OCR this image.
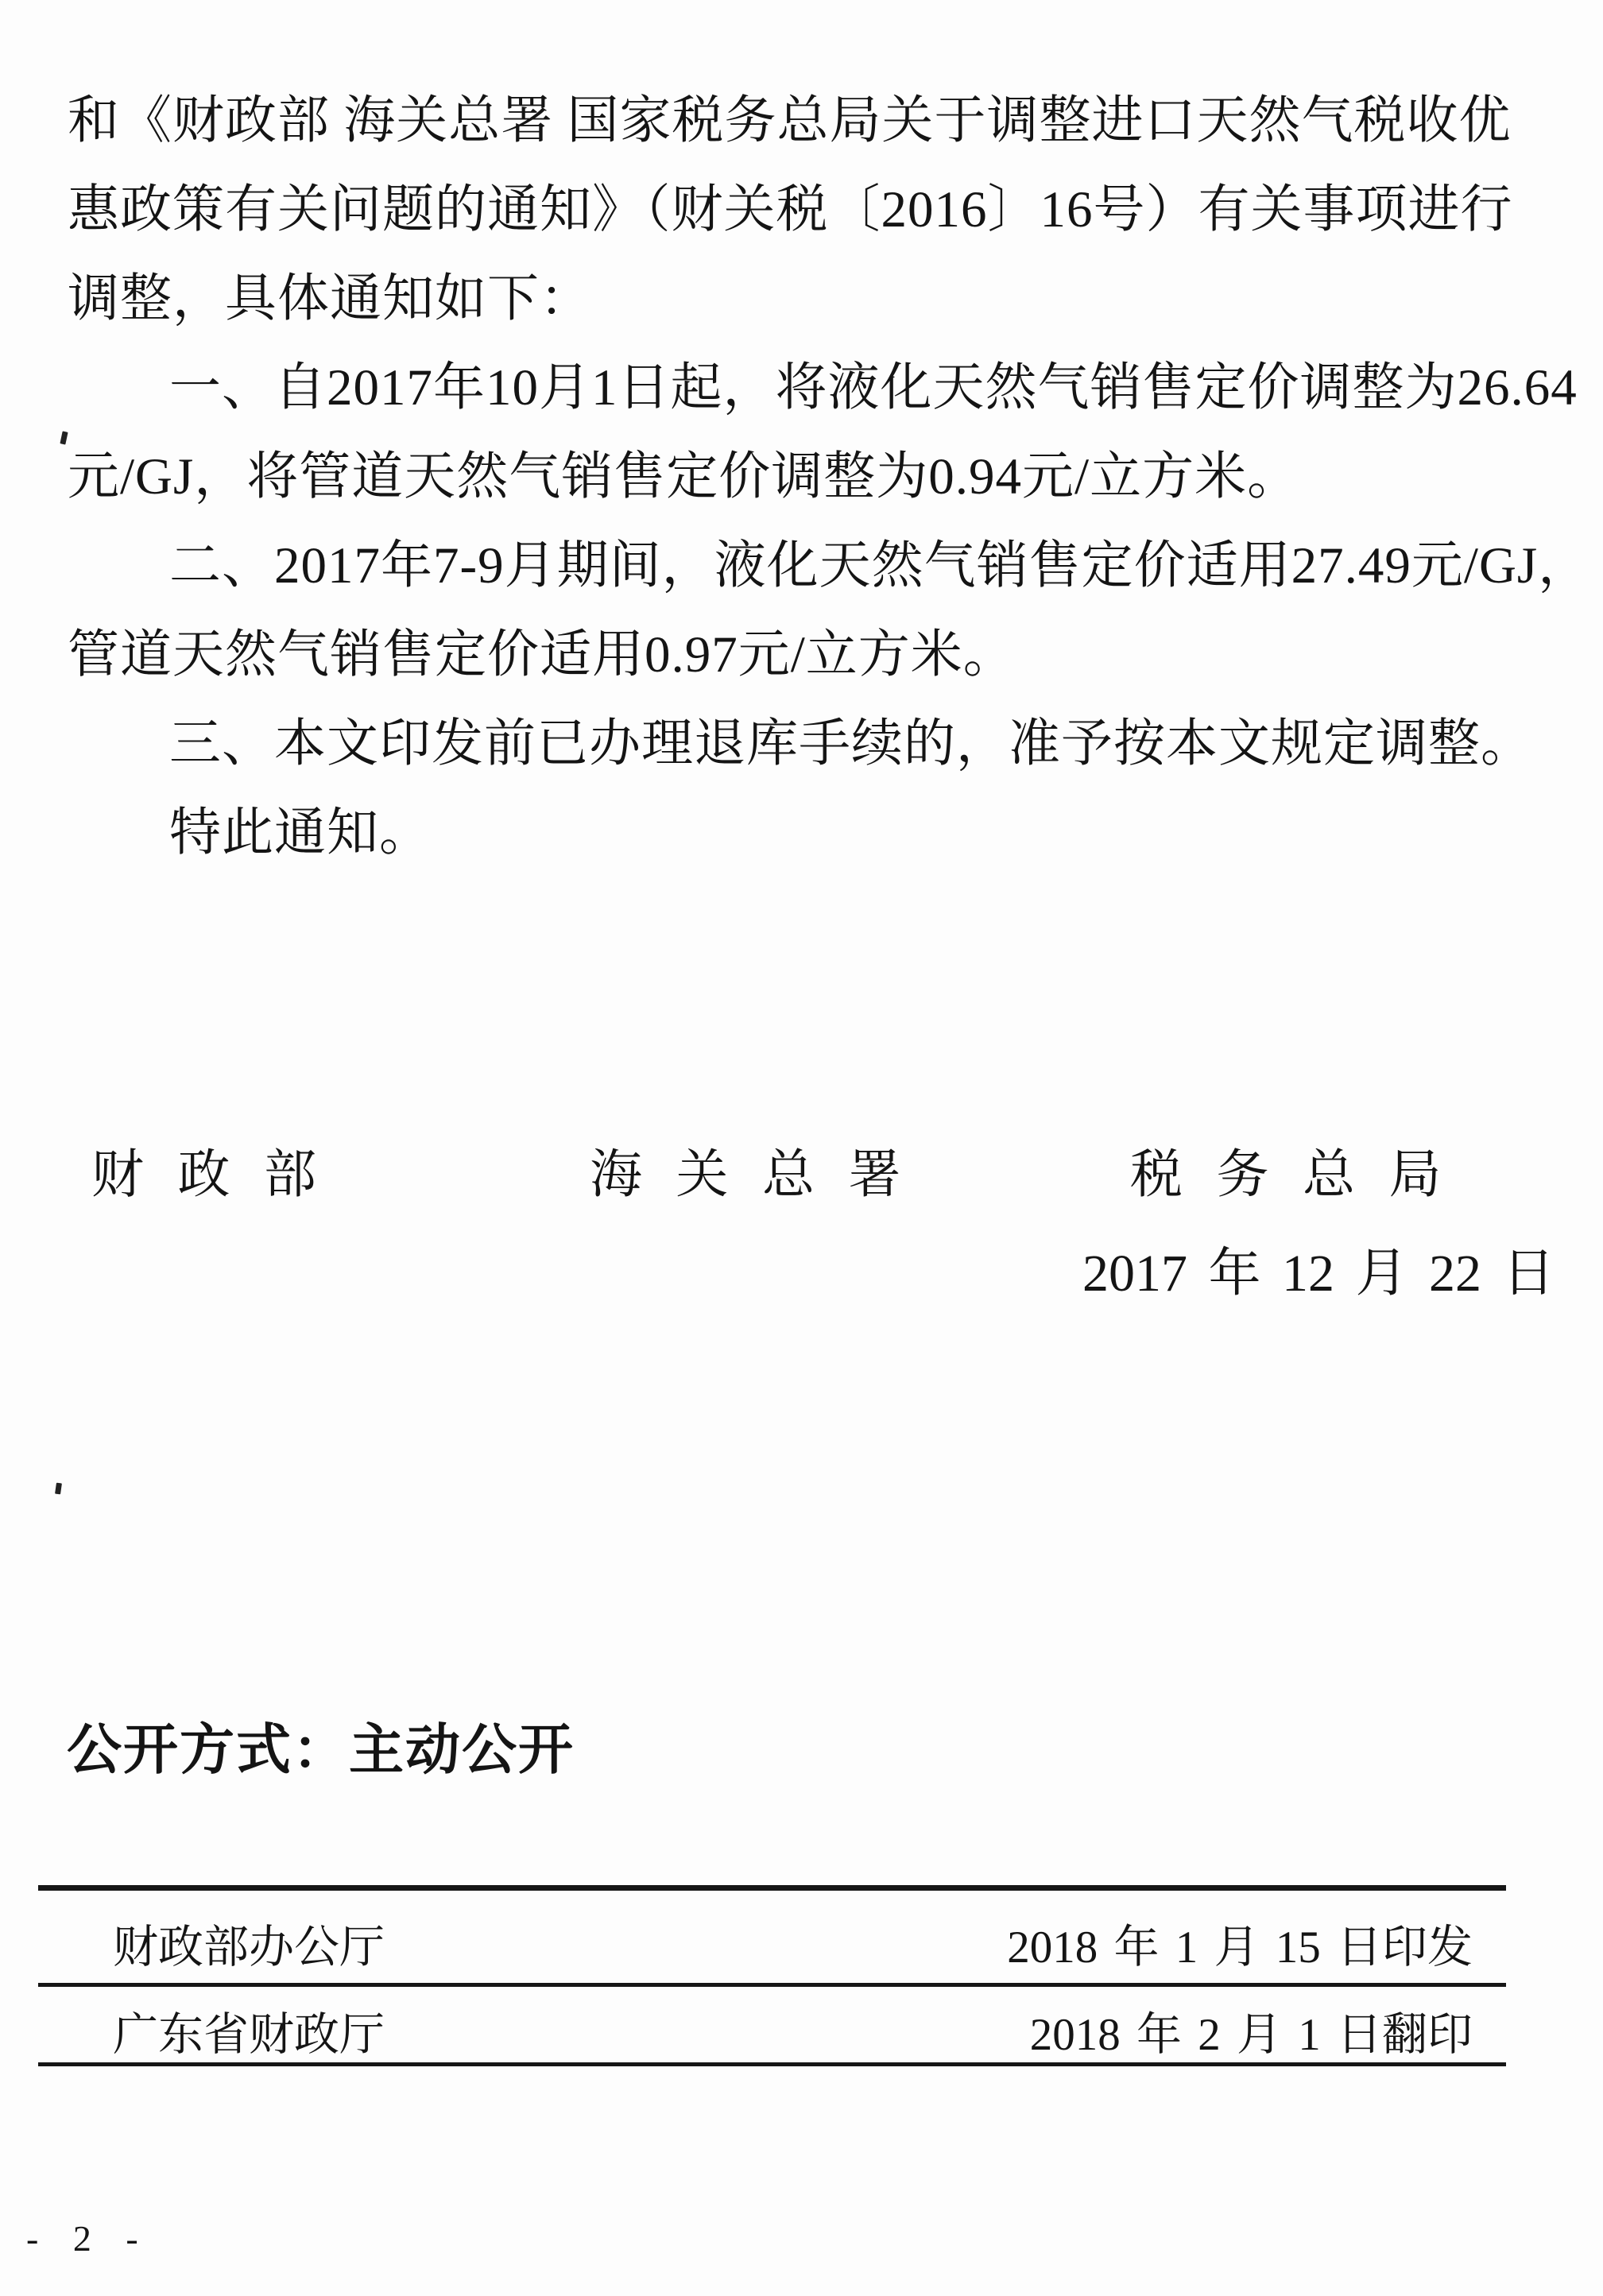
和《财政部 海关总署 国家税务总局关于调整进口天然气税收优

惠政策有关问题的通知》（财关税〔2016〕16号）有关事项进行

调整，具体通知如下：

一、自2017年10月1日起，将液化天然气销售定价调整为26.64

元/GJ，将管道天然气销售定价调整为0.94元/立方米。

二、2017年7-9月期间，液化天然气销售定价适用27.49元/GJ，

管道天然气销售定价适用0.97元/立方米。

三、本文印发前已办理退库手续的，准予按本文规定调整。

特此通知。

财 政 部	海 关 总 署	税 务 总 局
2017 年 12 月 22 日
公开方式：主动公开
财政部办公厅	2018 年 1 月 15 日印发
广东省财政厅	2018 年 2 月 1 日翻印
- 2 -
